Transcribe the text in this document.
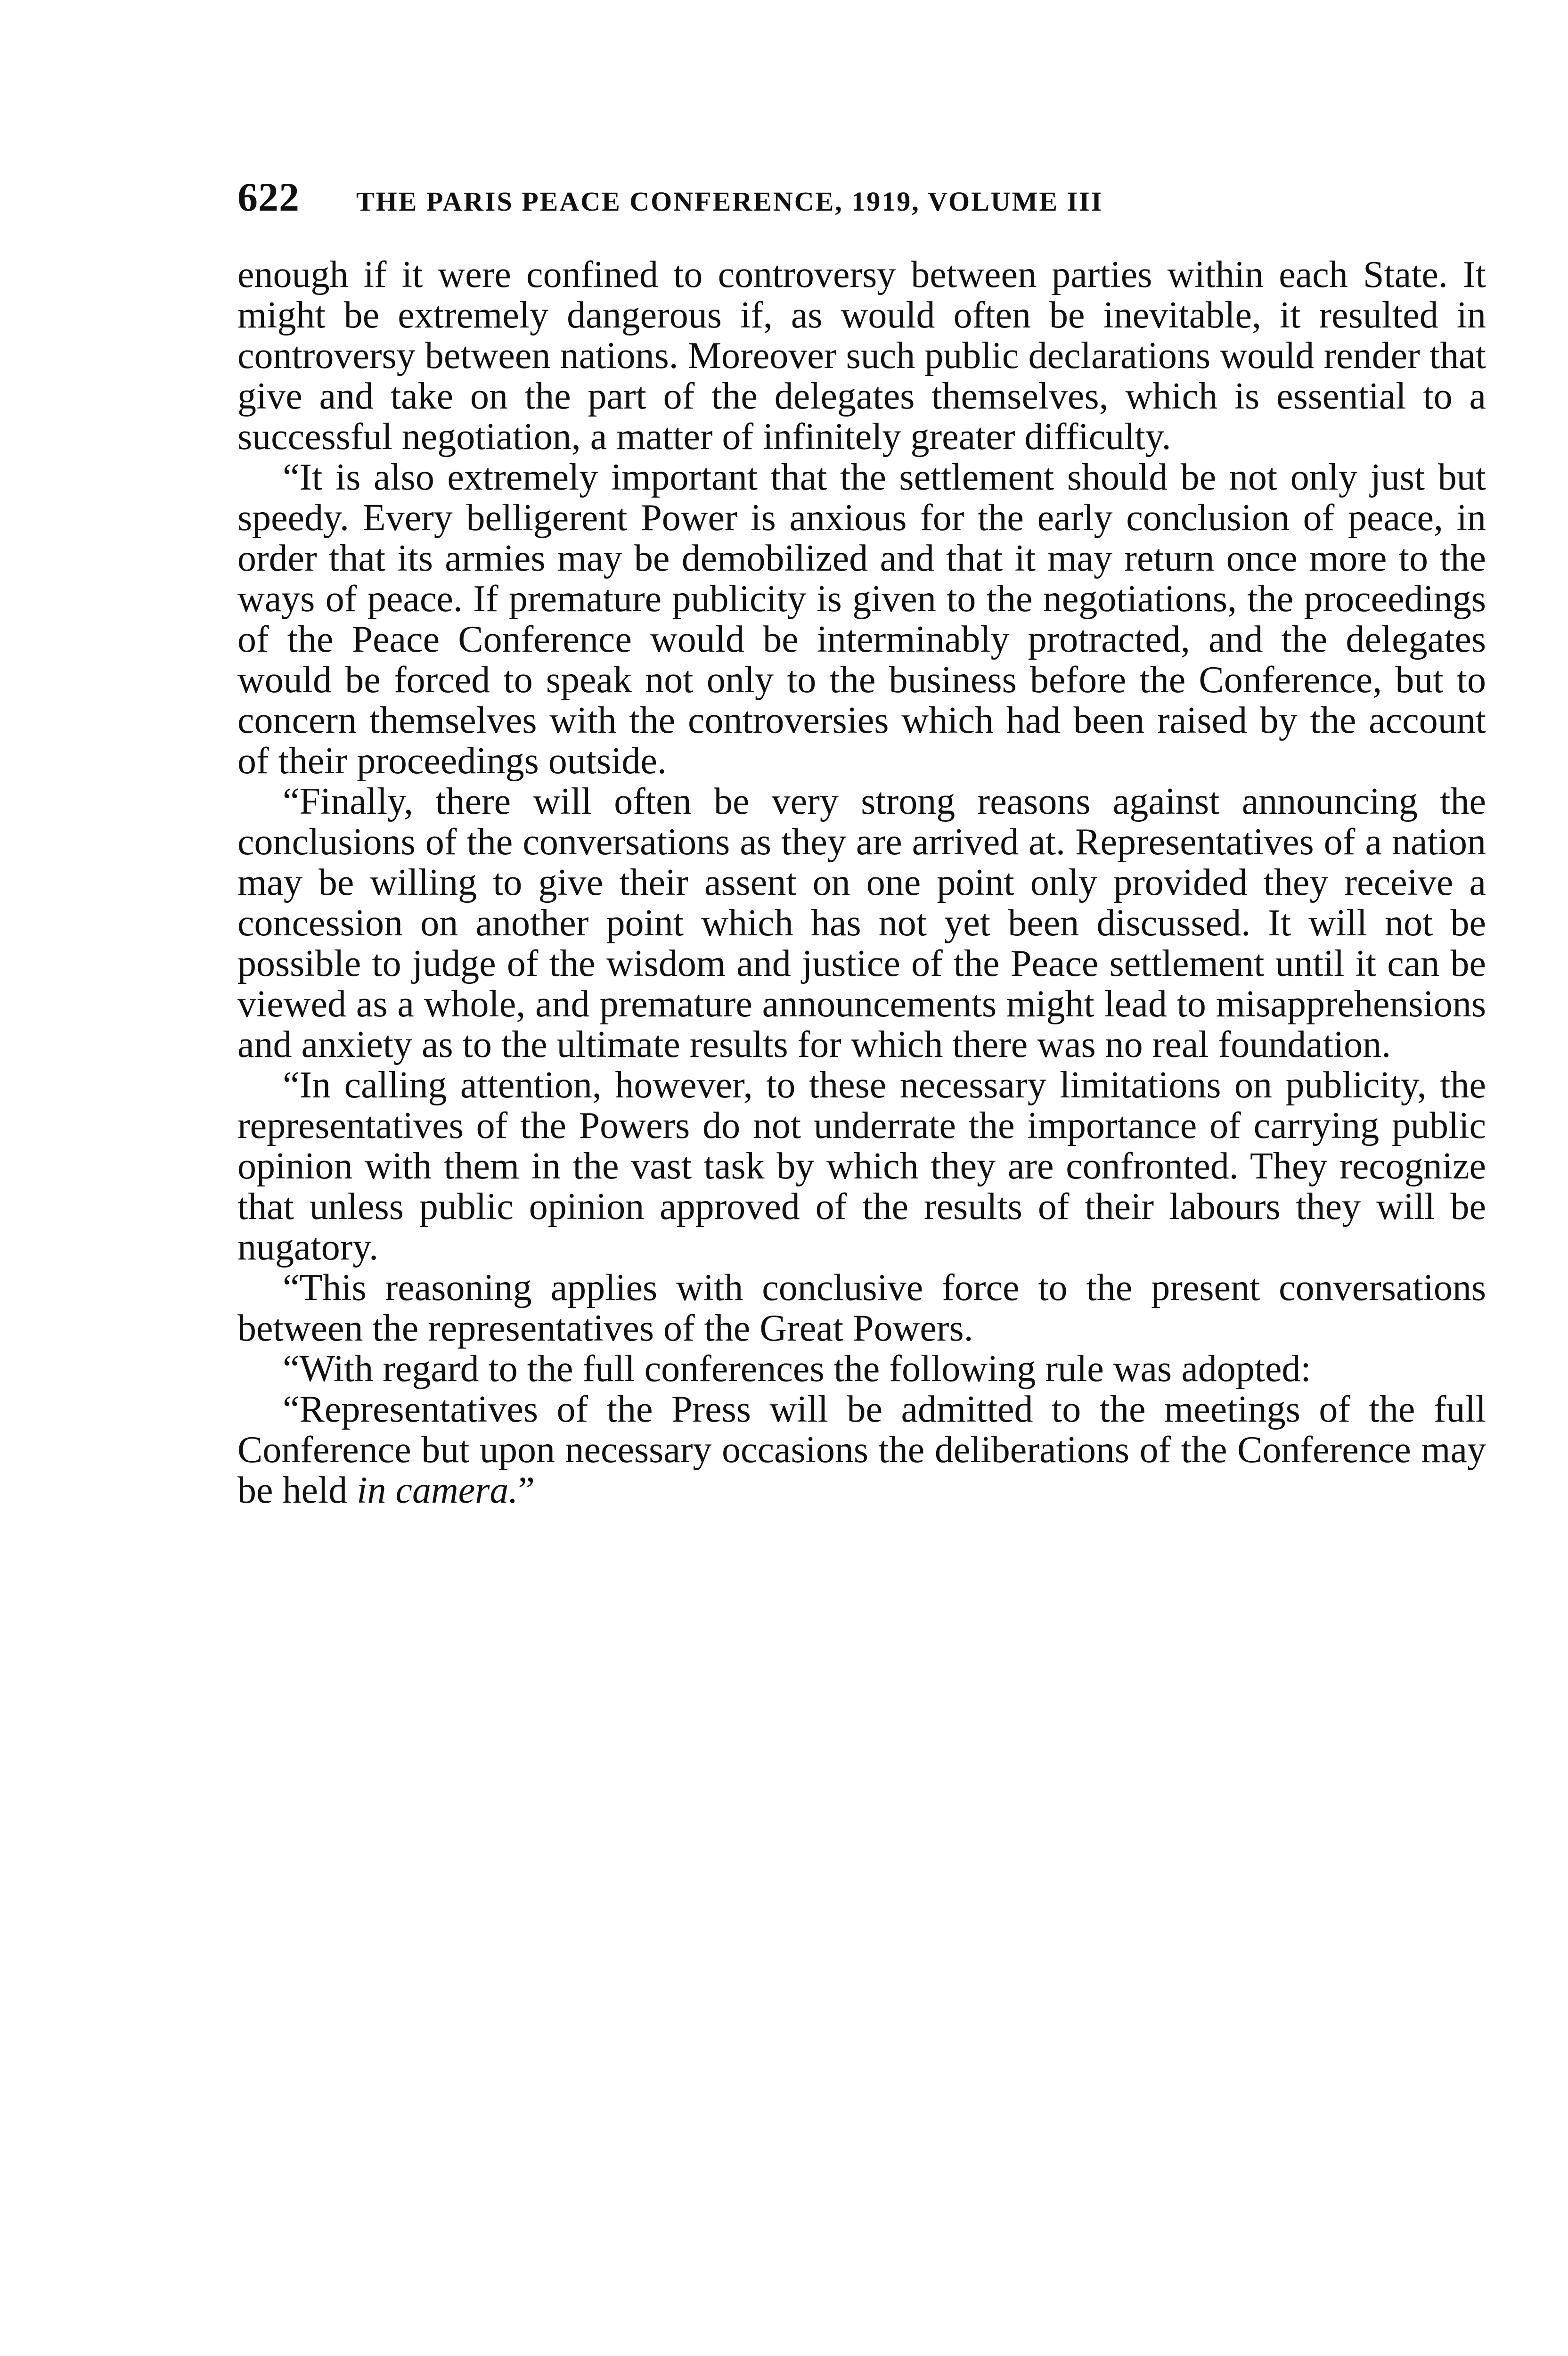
622 THE PARIS PEACE CONFERENCE, 1919, VOLUME III

enough if it were confined to controversy between parties within each State. It might be extremely dangerous if, as would often be inevitable, it resulted in controversy between nations. Moreover such public declarations would render that give and take on the part of the delegates themselves, which is essential to a successful negotiation, a matter of infinitely greater difficulty.

“It is also extremely important that the settlement should be not only just but speedy. Every belligerent Power is anxious for the early conclusion of peace, in order that its armies may be demobilized and that it may return once more to the ways of peace. If premature publicity is given to the negotiations, the proceedings of the Peace Conference would be interminably protracted, and the delegates would be forced to speak not only to the business before the Conference, but to concern themselves with the controversies which had been raised by the account of their proceedings outside.

“Finally, there will often be very strong reasons against announcing the conclusions of the conversations as they are arrived at. Representatives of a nation may be willing to give their assent on one point only provided they receive a concession on another point which has not yet been discussed. It will not be possible to judge of the wisdom and justice of the Peace settlement until it can be viewed as a whole, and premature announcements might lead to misapprehensions and anxiety as to the ultimate results for which there was no real foundation.

“In calling attention, however, to these necessary limitations on publicity, the representatives of the Powers do not underrate the importance of carrying public opinion with them in the vast task by which they are confronted. They recognize that unless public opinion approved of the results of their labours they will be nugatory.

“This reasoning applies with conclusive force to the present conversations between the representatives of the Great Powers.

“With regard to the full conferences the following rule was adopted:

“Representatives of the Press will be admitted to the meetings of the full Conference but upon necessary occasions the deliberations of the Conference may be held in camera.”
